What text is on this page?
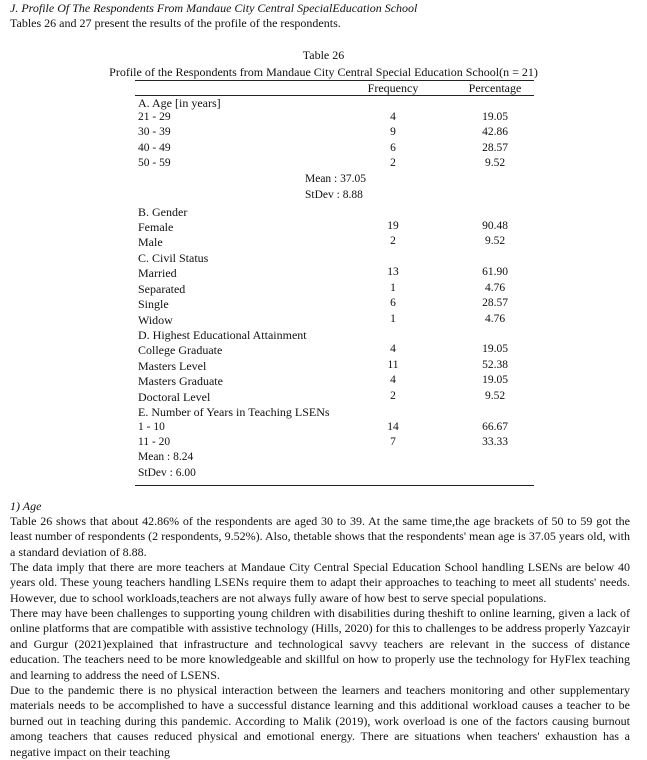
J. Profile Of The Respondents From Mandaue City Central SpecialEducation School
Tables 26 and 27 present the results of the profile of the respondents.
Table 26
Profile of the Respondents from Mandaue City Central Special Education School(n = 21)
Frequency	Percentage
A. Age [in years]
21 - 29	4	19.05
30 - 39	9	42.86
40 - 49	6	28.57
50 - 59	2	9.52
Mean : 37.05
StDev : 8.88
B. Gender
Female	19	90.48
Male	2	9.52
C. Civil Status
Married	13	61.90
Separated	1	4.76
Single	6	28.57
Widow	1	4.76
D. Highest Educational Attainment
College Graduate	4	19.05
Masters Level	11	52.38
Masters Graduate	4	19.05
Doctoral Level	2	9.52
E. Number of Years in Teaching LSENs
1 - 10	14	66.67
11 - 20	7	33.33
Mean : 8.24
StDev : 6.00
1) Age
Table 26 shows that about 42.86% of the respondents are aged 30 to 39. At the same time,the age brackets of 50 to 59 got the least number of respondents (2 respondents, 9.52%). Also, thetable shows that the respondents' mean age is 37.05 years old, with a standard deviation of 8.88.
The data imply that there are more teachers at Mandaue City Central Special Education School handling LSENs are below 40 years old. These young teachers handling LSENs require them to adapt their approaches to teaching to meet all students' needs. However, due to school workloads,teachers are not always fully aware of how best to serve special populations.
There may have been challenges to supporting young children with disabilities during theshift to online learning, given a lack of online platforms that are compatible with assistive technology (Hills, 2020) for this to challenges to be address properly Yazcayir and Gurgur (2021)explained that infrastructure and technological savvy teachers are relevant in the success of distance education. The teachers need to be more knowledgeable and skillful on how to properly use the technology for HyFlex teaching and learning to address the need of LSENS.
Due to the pandemic there is no physical interaction between the learners and teachers monitoring and other supplementary materials needs to be accomplished to have a successful distance learning and this additional workload causes a teacher to be burned out in teaching during this pandemic. According to Malik (2019), work overload is one of the factors causing burnout among teachers that causes reduced physical and emotional energy. There are situations when teachers' exhaustion has a negative impact on their teaching
